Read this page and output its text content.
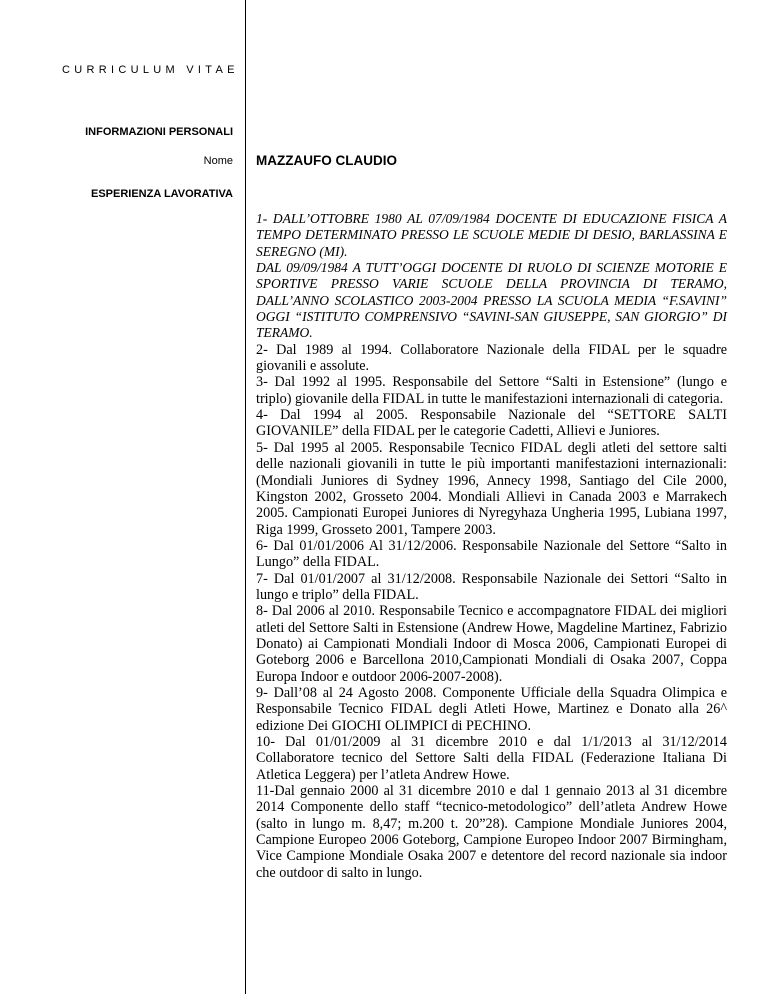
CURRICULUM VITAE
INFORMAZIONI PERSONALI
Nome
ESPERIENZA LAVORATIVA
MAZZAUFO CLAUDIO

1- DALL’OTTOBRE 1980 AL 07/09/1984 DOCENTE DI EDUCAZIONE FISICA A TEMPO DETERMINATO PRESSO LE SCUOLE MEDIE DI DESIO, BARLASSINA E SEREGNO (MI).

DAL 09/09/1984 A TUTT’OGGI DOCENTE DI RUOLO DI SCIENZE MOTORIE E SPORTIVE PRESSO VARIE SCUOLE DELLA PROVINCIA DI TERAMO, DALL’ANNO SCOLASTICO 2003-2004 PRESSO LA SCUOLA MEDIA “F.SAVINI” OGGI “ISTITUTO COMPRENSIVO “SAVINI-SAN GIUSEPPE, SAN GIORGIO” DI TERAMO.

2- Dal 1989 al 1994. Collaboratore Nazionale della FIDAL per le squadre giovanili e assolute.

3- Dal 1992 al 1995. Responsabile del Settore “Salti in Estensione” (lungo e triplo) giovanile della FIDAL in tutte le manifestazioni internazionali di categoria.

4- Dal 1994 al 2005. Responsabile Nazionale del “SETTORE SALTI GIOVANILE” della FIDAL per le categorie Cadetti, Allievi e Juniores.

5- Dal 1995 al 2005. Responsabile Tecnico FIDAL degli atleti del settore salti delle nazionali giovanili in tutte le più importanti manifestazioni internazionali: (Mondiali Juniores di Sydney 1996, Annecy 1998, Santiago del Cile 2000, Kingston 2002, Grosseto 2004. Mondiali Allievi in Canada 2003 e Marrakech 2005. Campionati Europei Juniores di Nyregyhaza Ungheria 1995, Lubiana 1997, Riga 1999, Grosseto 2001, Tampere 2003.

6- Dal 01/01/2006 Al 31/12/2006. Responsabile Nazionale del Settore “Salto in Lungo” della FIDAL.

7- Dal 01/01/2007 al 31/12/2008. Responsabile Nazionale dei Settori “Salto in lungo e triplo” della FIDAL.

8- Dal 2006 al 2010. Responsabile Tecnico e accompagnatore FIDAL dei migliori atleti del Settore Salti in Estensione (Andrew Howe, Magdeline Martinez, Fabrizio Donato) ai Campionati Mondiali Indoor di Mosca 2006, Campionati Europei di Goteborg 2006 e Barcellona 2010,Campionati Mondiali di Osaka 2007, Coppa Europa Indoor e outdoor 2006-2007-2008).

9- Dall’08 al 24 Agosto 2008. Componente Ufficiale della Squadra Olimpica e Responsabile Tecnico FIDAL degli Atleti Howe, Martinez e Donato alla 26^ edizione Dei GIOCHI OLIMPICI di PECHINO.

10- Dal 01/01/2009 al 31 dicembre 2010 e dal 1/1/2013 al 31/12/2014 Collaboratore tecnico del Settore Salti della FIDAL (Federazione Italiana Di Atletica Leggera) per l’atleta Andrew Howe.

11-Dal gennaio 2000 al 31 dicembre 2010 e dal 1 gennaio 2013 al 31 dicembre 2014 Componente dello staff “tecnico-metodologico” dell’atleta Andrew Howe (salto in lungo m. 8,47; m.200 t. 20”28). Campione Mondiale Juniores 2004, Campione Europeo 2006 Goteborg, Campione Europeo Indoor 2007 Birmingham, Vice Campione Mondiale Osaka 2007 e detentore del record nazionale sia indoor che outdoor di salto in lungo.
